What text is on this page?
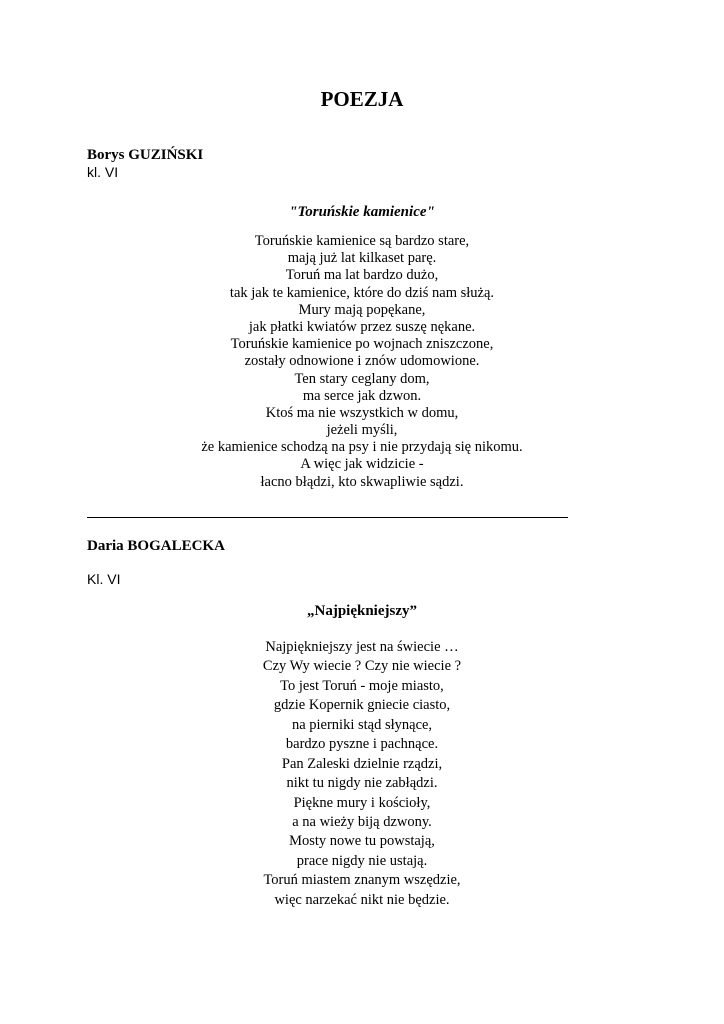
POEZJA
Borys GUZIŃSKI
kl. VI
"Toruńskie kamienice"
Toruńskie kamienice są bardzo stare,
mają już lat kilkaset parę.
Toruń ma lat bardzo dużo,
tak jak te kamienice, które do dziś nam służą.
Mury mają popękane,
jak płatki kwiatów przez suszę nękane.
Toruńskie kamienice po wojnach zniszczone,
zostały odnowione i znów udomowione.
Ten stary ceglany dom,
ma serce jak dzwon.
Ktoś ma nie wszystkich w domu,
jeżeli myśli,
że kamienice schodzą na psy i nie przydają się nikomu.
A więc jak widzicie -
łacno błądzi, kto skwapliwie sądzi.
Daria BOGALECKA
Kl. VI
„Najpiękniejszy”
Najpiękniejszy jest na świecie …
Czy Wy wiecie ? Czy nie wiecie ?
To jest Toruń - moje miasto,
gdzie Kopernik gniecie ciasto,
na pierniki stąd słynące,
bardzo pyszne i pachnące.
Pan Zaleski dzielnie rządzi,
nikt tu nigdy nie zabłądzi.
Piękne mury i kościoły,
a na wieży biją dzwony.
Mosty nowe tu powstają,
prace nigdy nie ustają.
Toruń miastem znanym wszędzie,
więc narzekać nikt nie będzie.
